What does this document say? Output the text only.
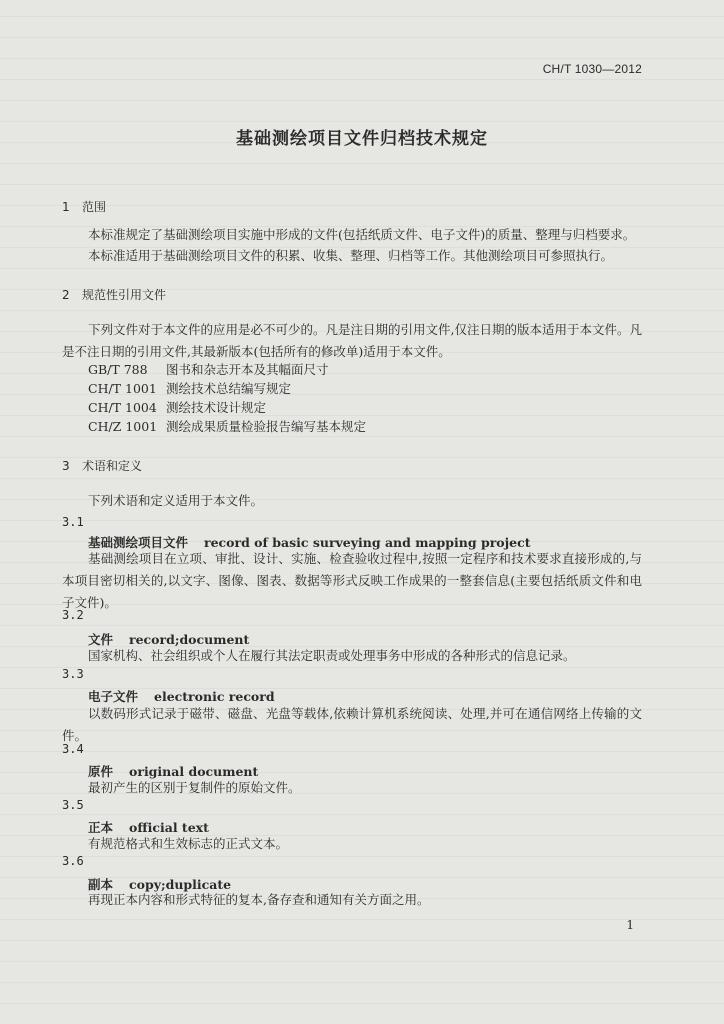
CH/T 1030—2012
基础测绘项目文件归档技术规定
1 范围
本标准规定了基础测绘项目实施中形成的文件(包括纸质文件、电子文件)的质量、整理与归档要求。
本标准适用于基础测绘项目文件的积累、收集、整理、归档等工作。其他测绘项目可参照执行。
2 规范性引用文件
下列文件对于本文件的应用是必不可少的。凡是注日期的引用文件,仅注日期的版本适用于本文件。凡是不注日期的引用文件,其最新版本(包括所有的修改单)适用于本文件。
GB/T 788 图书和杂志开本及其幅面尺寸
CH/T 1001 测绘技术总结编写规定
CH/T 1004 测绘技术设计规定
CH/Z 1001 测绘成果质量检验报告编写基本规定
3 术语和定义
下列术语和定义适用于本文件。
3.1
基础测绘项目文件 record of basic surveying and mapping project
基础测绘项目在立项、审批、设计、实施、检查验收过程中,按照一定程序和技术要求直接形成的,与本项目密切相关的,以文字、图像、图表、数据等形式反映工作成果的一整套信息(主要包括纸质文件和电子文件)。
3.2
文件 record;document
国家机构、社会组织或个人在履行其法定职责或处理事务中形成的各种形式的信息记录。
3.3
电子文件 electronic record
以数码形式记录于磁带、磁盘、光盘等载体,依赖计算机系统阅读、处理,并可在通信网络上传输的文件。
3.4
原件 original document
最初产生的区别于复制件的原始文件。
3.5
正本 official text
有规范格式和生效标志的正式文本。
3.6
副本 copy;duplicate
再现正本内容和形式特征的复本,备存查和通知有关方面之用。
1
